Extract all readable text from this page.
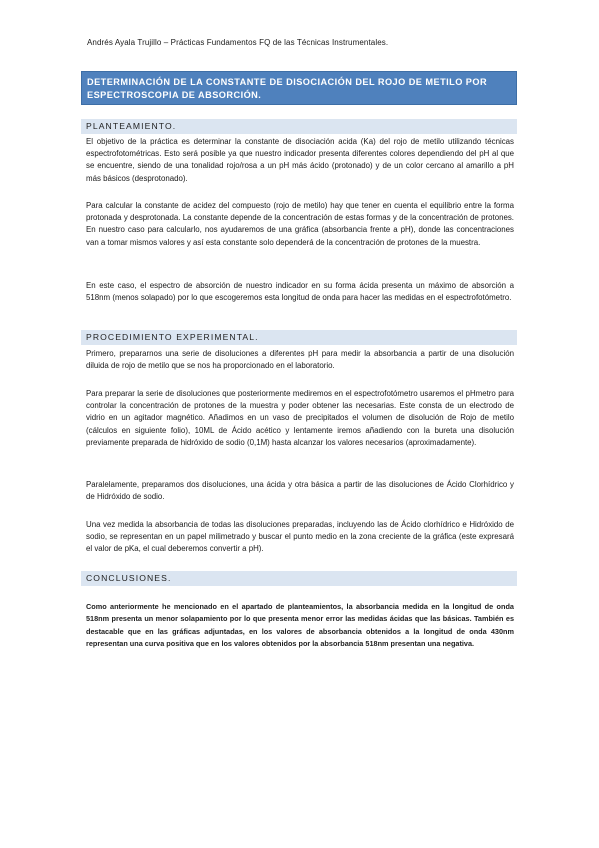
Andrés Ayala Trujillo – Prácticas Fundamentos FQ de las Técnicas Instrumentales.
DETERMINACIÓN DE LA CONSTANTE DE DISOCIACIÓN DEL ROJO DE METILO POR ESPECTROSCOPIA DE ABSORCIÓN.
PLANTEAMIENTO.

El objetivo de la práctica es determinar la constante de disociación acida (Ka) del rojo de metilo utilizando técnicas espectrofotométricas. Esto será posible ya que nuestro indicador presenta diferentes colores dependiendo del pH al que se encuentre, siendo de una tonalidad rojo/rosa a un pH más ácido (protonado) y de un color cercano al amarillo a pH más básicos (desprotonado).

Para calcular la constante de acidez del compuesto (rojo de metilo) hay que tener en cuenta el equilibrio entre la forma protonada y desprotonada. La constante depende de la concentración de estas formas y de la concentración de protones. En nuestro caso para calcularlo, nos ayudaremos de una gráfica (absorbancia frente a pH), donde las concentraciones van a tomar mismos valores y así esta constante solo dependerá de la concentración de protones de la muestra.

En este caso, el espectro de absorción de nuestro indicador en su forma ácida presenta un máximo de absorción a 518nm (menos solapado) por lo que escogeremos esta longitud de onda para hacer las medidas en el espectrofotómetro.

PROCEDIMIENTO EXPERIMENTAL.

Primero, prepararnos una serie de disoluciones a diferentes pH para medir la absorbancia a partir de una disolución diluida de rojo de metilo que se nos ha proporcionado en el laboratorio.

Para preparar la serie de disoluciones que posteriormente mediremos en el espectrofotómetro usaremos el pHmetro para controlar la concentración de protones de la muestra y poder obtener las necesarias. Este consta de un electrodo de vidrio en un agitador magnético. Añadimos en un vaso de precipitados el volumen de disolución de Rojo de metilo (cálculos en siguiente folio), 10ML de Ácido acético y lentamente iremos añadiendo con la bureta una disolución previamente preparada de hidróxido de sodio (0,1M) hasta alcanzar los valores necesarios (aproximadamente).

Paralelamente, preparamos dos disoluciones, una ácida y otra básica a partir de las disoluciones de Ácido Clorhídrico y de Hidróxido de sodio.

Una vez medida la absorbancia de todas las disoluciones preparadas, incluyendo las de Ácido clorhídrico e Hidróxido de sodio, se representan en un papel milimetrado y buscar el punto medio en la zona creciente de la gráfica (este expresará el valor de pKa, el cual deberemos convertir a pH).

CONCLUSIONES.

Como anteriormente he mencionado en el apartado de planteamientos, la absorbancia medida en la longitud de onda 518nm presenta un menor solapamiento por lo que presenta menor error las medidas ácidas que las básicas. También es destacable que en las gráficas adjuntadas, en los valores de absorbancia obtenidos a la longitud de onda 430nm representan una curva positiva que en los valores obtenidos por la absorbancia 518nm presentan una negativa.
